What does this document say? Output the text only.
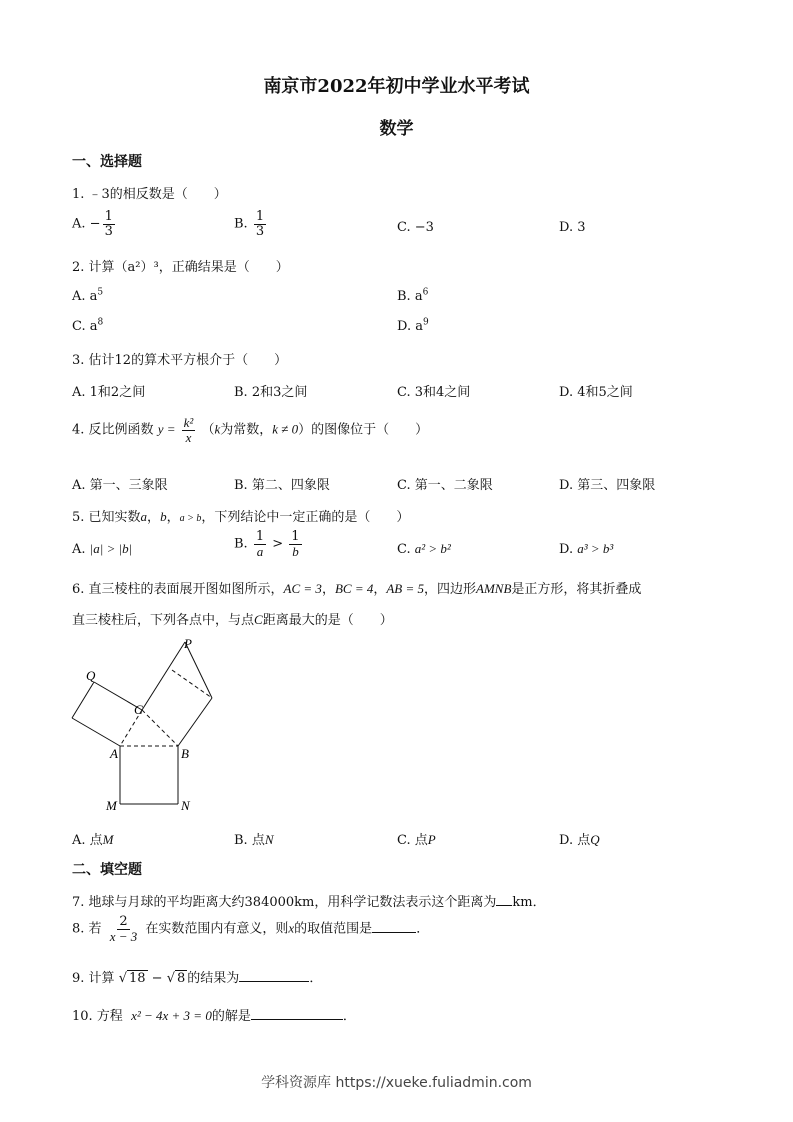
南京市2022年初中学业水平考试
数学
一、选择题
1. ﹣3的相反数是（　　）
A. − $\frac{1}{3}$	B. $\frac{1}{3}$	C. −3	D. 3
2. 计算（a²）³，正确结果是（　　）
A. $a^5$	B. $a^6$
C. $a^8$	D. $a^9$
3. 估计12的算术平方根介于（　　）
A. 1和2之间	B. 2和3之间	C. 3和4之间	D. 4和5之间
4. 反比例函数 $y = \frac{\text{k²}}{x} (k$为常数，k ≠ 0）的图像位于（　　）
A. 第一、三象限	B. 第二、四象限	C. 第一、二象限	D. 第三、四象限
5. 已知实数a，b，a > b，下列结论中一定正确的是（　　）
A. |a| > |b|	B. $\frac{1}{a} > \frac{1}{b}$	C. a² > b²	D. a³ > b³
6. 直三棱柱的表面展开图如图所示，AC = 3，BC = 4，AB = 5，四边形AMNB是正方形，将其折叠成
直三棱柱后，下列各点中，与点C距离最大的是（　　）
P
Q
C
A	B
M	N
A. 点M	B. 点N	C. 点P	D. 点Q
二、填空题
7. 地球与月球的平均距离大约384000km，用科学记数法表示这个距离为 km．
8. 若 $\frac{2}{x - 3}$ 在实数范围内有意义，则x的取值范围是	．
9. 计算 √ 18 − √ 8 的结果为	．
10. 方程 x² − 4x + 3 = 0的解是	．
学科资源库 https://xueke.fuliadmin.com
